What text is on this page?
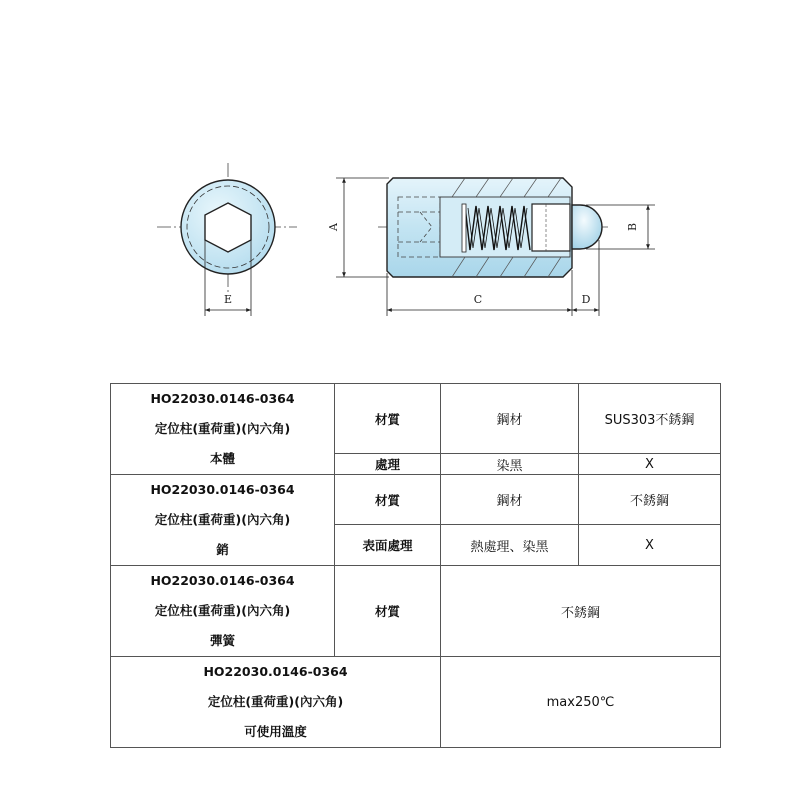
E
A	B
C	D
HO22030.0146-0364
定位柱(重荷重)(內六角)
本體	材質	鋼材	SUS303不銹鋼
	處理	染黑	X

HO22030.0146-0364
定位柱(重荷重)(內六角)
銷	材質	鋼材	不銹鋼
	表面處理	熱處理、染黑	X

HO22030.0146-0364
定位柱(重荷重)(內六角)
彈簧	材質	不銹鋼	

HO22030.0146-0364
定位柱(重荷重)(內六角)
可使用溫度		max250℃	
